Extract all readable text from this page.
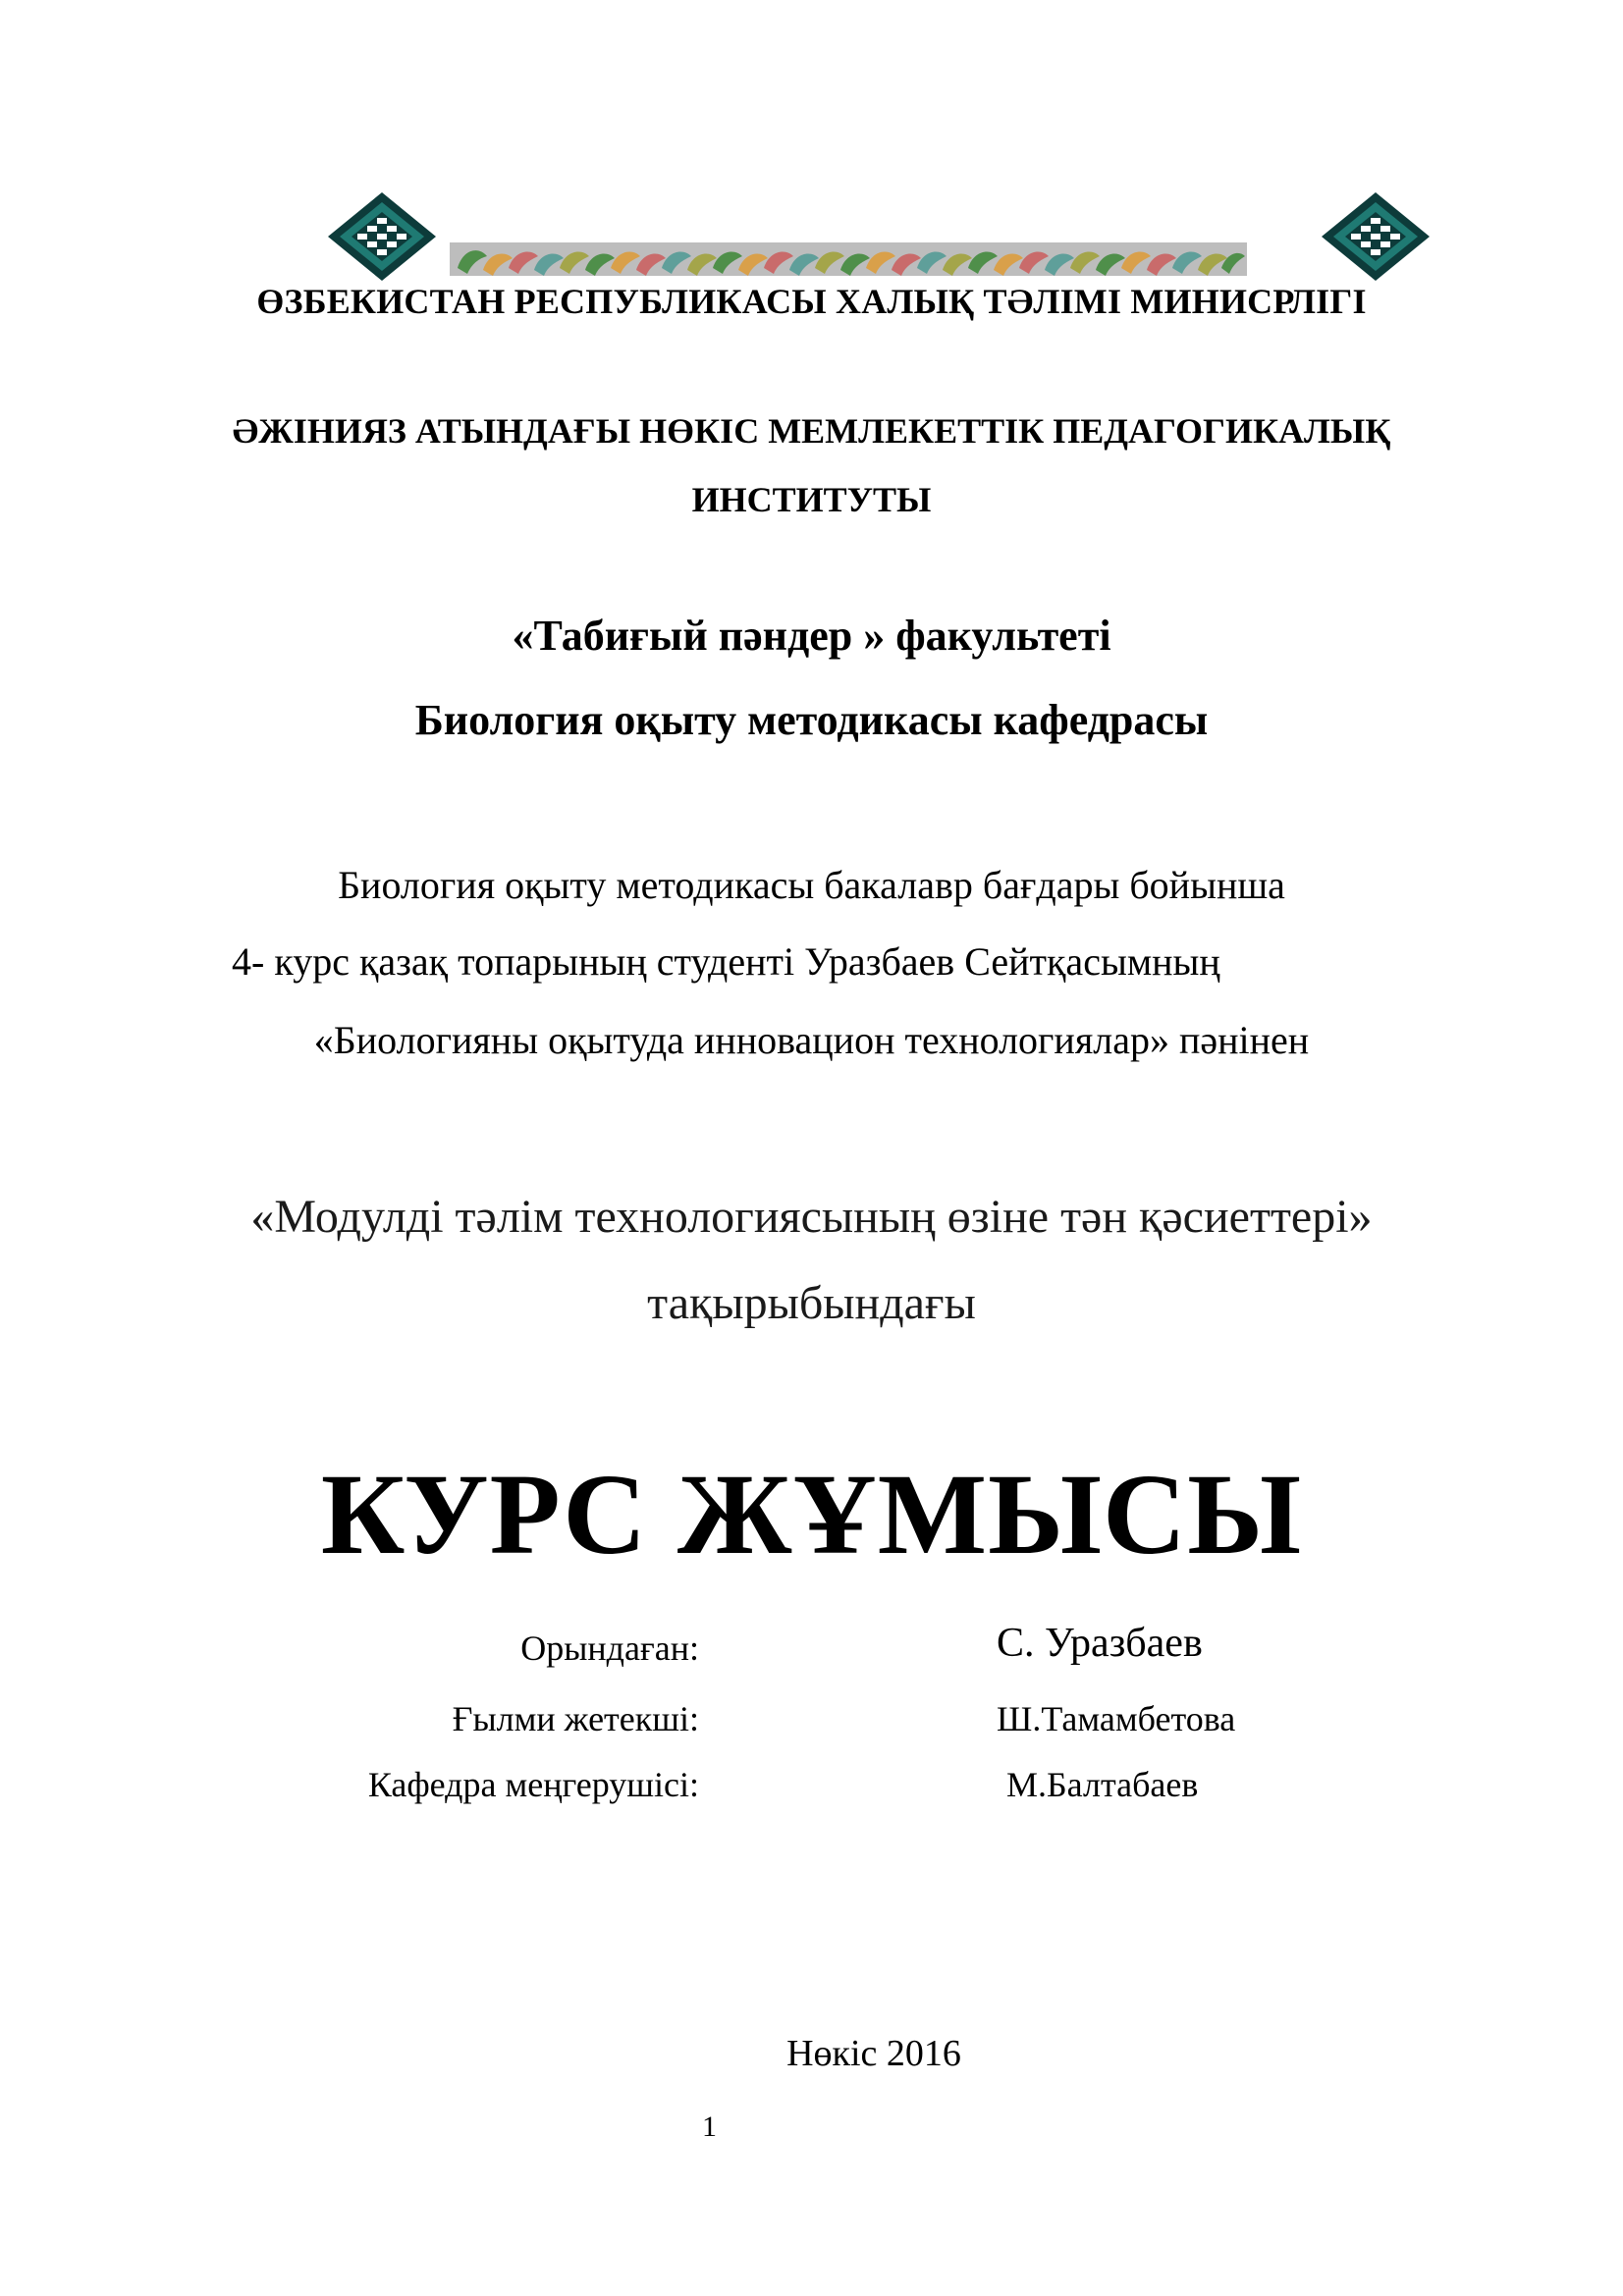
ӨЗБЕКИСТАН РЕСПУБЛИКАСЫ ХАЛЫҚ ТӘЛІМІ МИНИСРЛІГІ
ӘЖІНИЯЗ АТЫНДАҒЫ НӨКІС МЕМЛЕКЕТТІК ПЕДАГОГИКАЛЫҚ
ИНСТИТУТЫ
«Табиғый пәндер » факультеті
Биология оқыту методикасы кафедрасы
Биология оқыту методикасы бакалавр бағдары бойынша
4- курс қазақ топарының студенті Уразбаев Сейтқасымның
«Биологияны оқытуда инновацион технологиялар» пәнінен
«Модулді тәлім технологиясының өзіне тән қәсиеттері»
тақырыбындағы
КУРС ЖҰМЫСЫ
Орындаған:	С. Уразбаев
Ғылми жетекші:	Ш.Тамамбетова
Кафедра меңгерушісі:	М.Балтабаев
Нөкіс 2016
1
